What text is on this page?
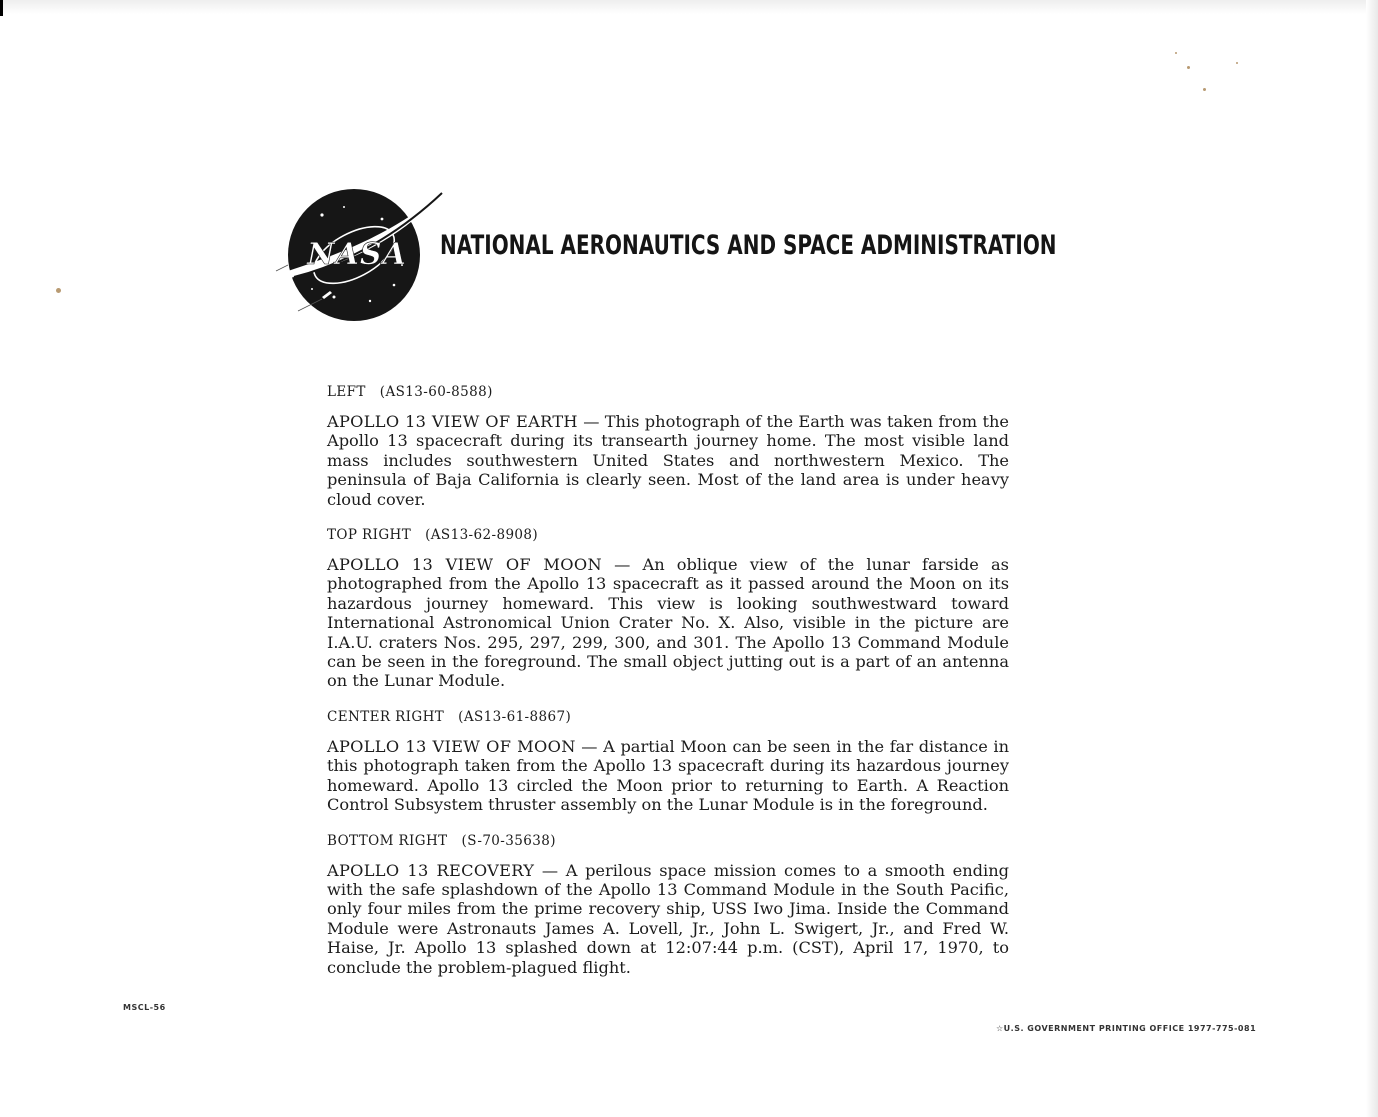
NASA NATIONAL AERONAUTICS AND SPACE ADMINISTRATION
LEFT (AS13-60-8588)
APOLLO 13 VIEW OF EARTH — This photograph of the Earth was taken from the Apollo 13 spacecraft during its transearth journey home. The most visible land mass includes southwestern United States and northwestern Mexico. The peninsula of Baja California is clearly seen. Most of the land area is under heavy cloud cover.
TOP RIGHT (AS13-62-8908)
APOLLO 13 VIEW OF MOON — An oblique view of the lunar farside as photographed from the Apollo 13 spacecraft as it passed around the Moon on its hazardous journey homeward. This view is looking southwestward toward International Astronomical Union Crater No. X. Also, visible in the picture are I.A.U. craters Nos. 295, 297, 299, 300, and 301. The Apollo 13 Command Module can be seen in the foreground. The small object jutting out is a part of an antenna on the Lunar Module.
CENTER RIGHT (AS13-61-8867)
APOLLO 13 VIEW OF MOON — A partial Moon can be seen in the far distance in this photograph taken from the Apollo 13 spacecraft during its hazardous journey homeward. Apollo 13 circled the Moon prior to returning to Earth. A Reaction Control Subsystem thruster assembly on the Lunar Module is in the foreground.
BOTTOM RIGHT (S-70-35638)
APOLLO 13 RECOVERY — A perilous space mission comes to a smooth ending with the safe splashdown of the Apollo 13 Command Module in the South Pacific, only four miles from the prime recovery ship, USS Iwo Jima. Inside the Command Module were Astronauts James A. Lovell, Jr., John L. Swigert, Jr., and Fred W. Haise, Jr. Apollo 13 splashed down at 12:07:44 p.m. (CST), April 17, 1970, to conclude the problem-plagued flight.
MSCL-56
☆U.S. GOVERNMENT PRINTING OFFICE 1977-775-081
